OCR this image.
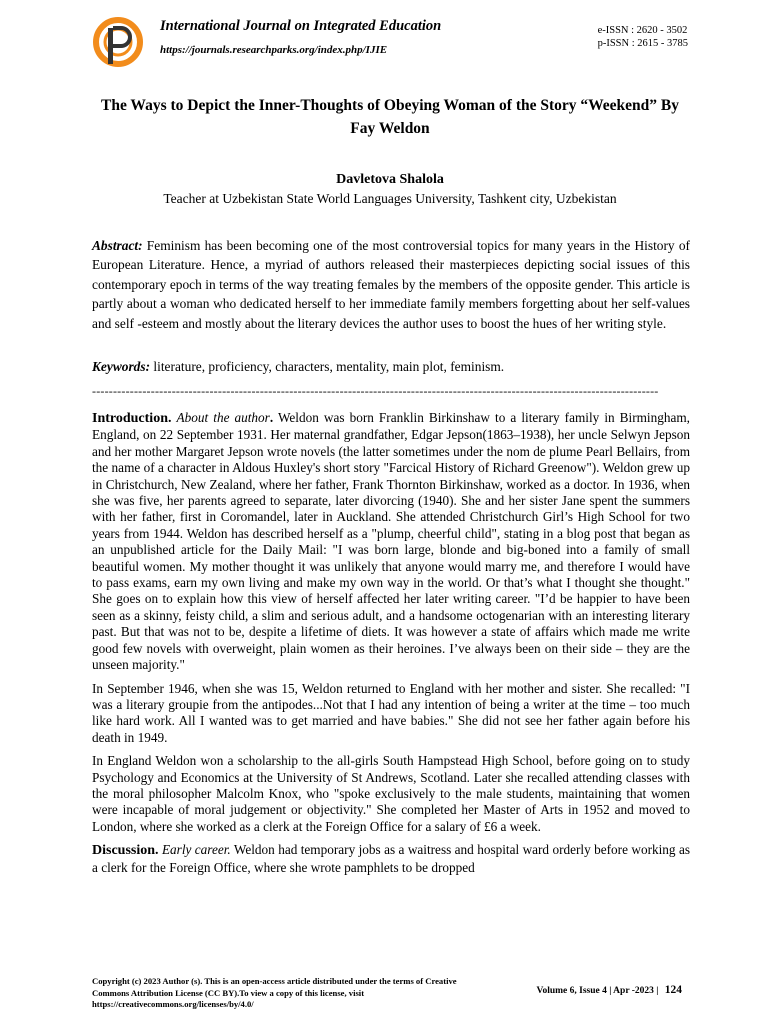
International Journal on Integrated Education
https://journals.researchparks.org/index.php/IJIE
e-ISSN : 2620 - 3502
p-ISSN : 2615 - 3785
The Ways to Depict the Inner-Thoughts of Obeying Woman of the Story “Weekend” By Fay Weldon
Davletova Shalola
Teacher at Uzbekistan State World Languages University, Tashkent city, Uzbekistan
Abstract: Feminism has been becoming one of the most controversial topics for many years in the History of European Literature. Hence, a myriad of authors released their masterpieces depicting social issues of this contemporary epoch in terms of the way treating females by the members of the opposite gender. This article is partly about a woman who dedicated herself to her immediate family members forgetting about her self-values and self -esteem and mostly about the literary devices the author uses to boost the hues of her writing style.
Keywords: literature, proficiency, characters, mentality, main plot, feminism.
---------------------------------------------------------------------------------------------------------------------------------------

Introduction. About the author. Weldon was born Franklin Birkinshaw to a literary family in Birmingham, England, on 22 September 1931. Her maternal grandfather, Edgar Jepson(1863–1938), her uncle Selwyn Jepson and her mother Margaret Jepson wrote novels (the latter sometimes under the nom de plume Pearl Bellairs, from the name of a character in Aldous Huxley's short story "Farcical History of Richard Greenow"). Weldon grew up in Christchurch, New Zealand, where her father, Frank Thornton Birkinshaw, worked as a doctor. In 1936, when she was five, her parents agreed to separate, later divorcing (1940). She and her sister Jane spent the summers with her father, first in Coromandel, later in Auckland. She attended Christchurch Girl’s High School for two years from 1944. Weldon has described herself as a "plump, cheerful child", stating in a blog post that began as an unpublished article for the Daily Mail: "I was born large, blonde and big-boned into a family of small beautiful women. My mother thought it was unlikely that anyone would marry me, and therefore I would have to pass exams, earn my own living and make my own way in the world. Or that’s what I thought she thought." She goes on to explain how this view of herself affected her later writing career. "I’d be happier to have been seen as a skinny, feisty child, a slim and serious adult, and a handsome octogenarian with an interesting literary past. But that was not to be, despite a lifetime of diets. It was however a state of affairs which made me write good few novels with overweight, plain women as their heroines. I’ve always been on their side – they are the unseen majority."

In September 1946, when she was 15, Weldon returned to England with her mother and sister. She recalled: "I was a literary groupie from the antipodes...Not that I had any intention of being a writer at the time – too much like hard work. All I wanted was to get married and have babies." She did not see her father again before his death in 1949.

In England Weldon won a scholarship to the all-girls South Hampstead High School, before going on to study Psychology and Economics at the University of St Andrews, Scotland. Later she recalled attending classes with the moral philosopher Malcolm Knox, who "spoke exclusively to the male students, maintaining that women were incapable of moral judgement or objectivity." She completed her Master of Arts in 1952 and moved to London, where she worked as a clerk at the Foreign Office for a salary of £6 a week.

Discussion. Early career. Weldon had temporary jobs as a waitress and hospital ward orderly before working as a clerk for the Foreign Office, where she wrote pamphlets to be dropped

Copyright (c) 2023 Author (s). This is an open-access article distributed under the terms of Creative Commons Attribution License (CC BY).To view a copy of this license, visit https://creativecommons.org/licenses/by/4.0/
Volume 6, Issue 4 | Apr -2023 | 124
